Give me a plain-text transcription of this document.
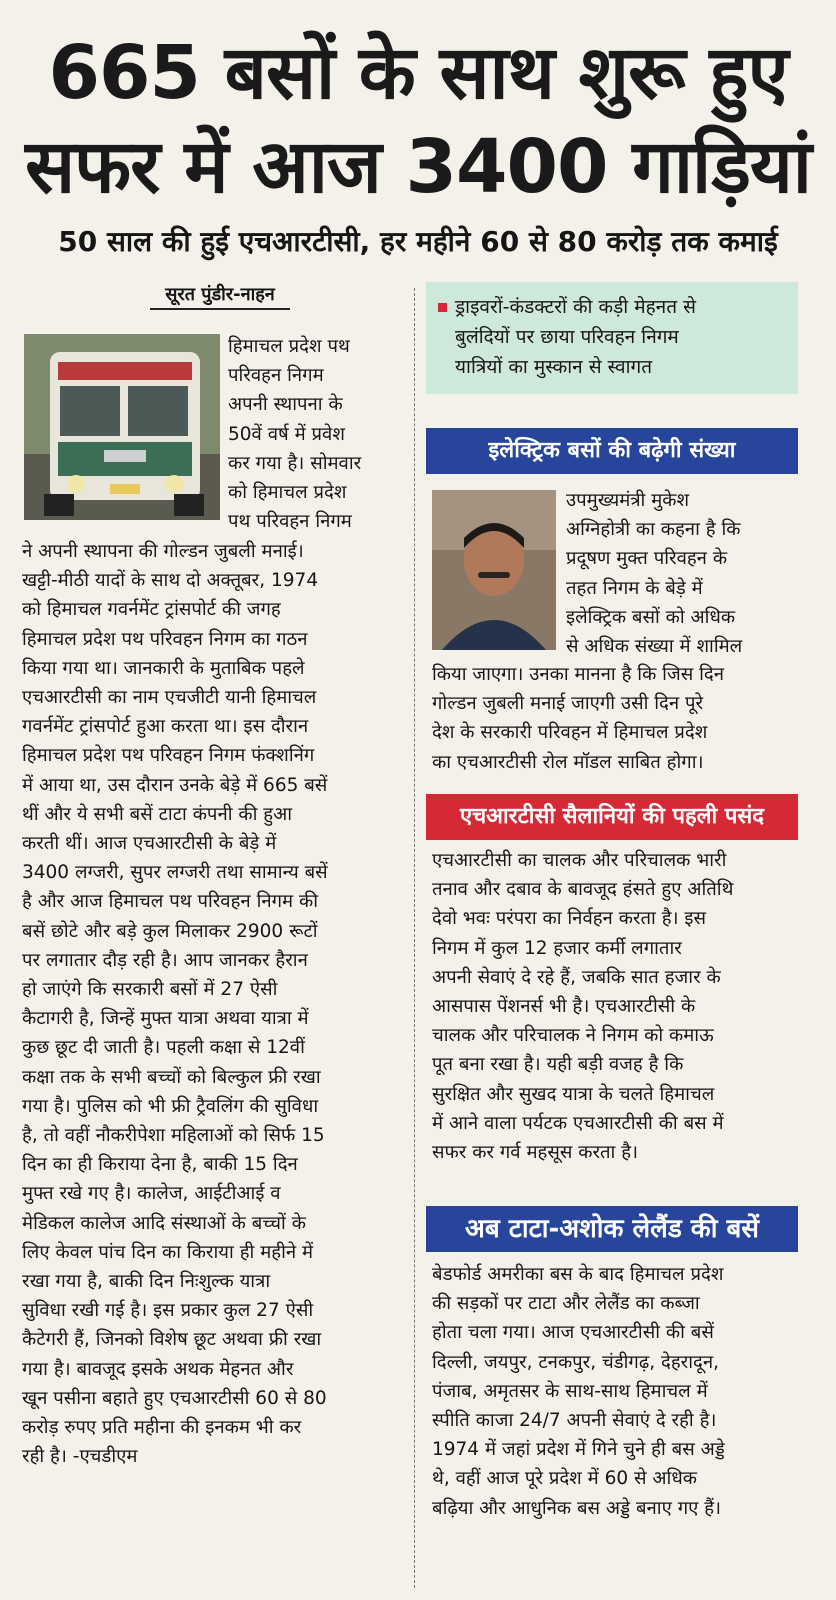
665 बसों के साथ शुरू हुए
सफर में आज 3400 गाड़ियां
50 साल की हुई एचआरटीसी, हर महीने 60 से 80 करोड़ तक कमाई
सूरत पुंडीर-नाहन

हिमाचल प्रदेश पथ

परिवहन निगम

अपनी स्थापना के

50वें वर्ष में प्रवेश

कर गया है। सोमवार

को हिमाचल प्रदेश

पथ परिवहन निगम

ने अपनी स्थापना की गोल्डन जुबली मनाई।

खट्टी-मीठी यादों के साथ दो अक्तूबर, 1974

को हिमाचल गवर्नमेंट ट्रांसपोर्ट की जगह

हिमाचल प्रदेश पथ परिवहन निगम का गठन

किया गया था। जानकारी के मुताबिक पहले

एचआरटीसी का नाम एचजीटी यानी हिमाचल

गवर्नमेंट ट्रांसपोर्ट हुआ करता था। इस दौरान

हिमाचल प्रदेश पथ परिवहन निगम फंक्शनिंग

में आया था, उस दौरान उनके बेड़े में 665 बसें

थीं और ये सभी बसें टाटा कंपनी की हुआ

करती थीं। आज एचआरटीसी के बेड़े में

3400 लग्जरी, सुपर लग्जरी तथा सामान्य बसें

है और आज हिमाचल पथ परिवहन निगम की

बसें छोटे और बड़े कुल मिलाकर 2900 रूटों

पर लगातार दौड़ रही है। आप जानकर हैरान

हो जाएंगे कि सरकारी बसों में 27 ऐसी

कैटागरी है, जिन्हें मुफ्त यात्रा अथवा यात्रा में

कुछ छूट दी जाती है। पहली कक्षा से 12वीं

कक्षा तक के सभी बच्चों को बिल्कुल फ्री रखा

गया है। पुलिस को भी फ्री ट्रैवलिंग की सुविधा

है, तो वहीं नौकरीपेशा महिलाओं को सिर्फ 15

दिन का ही किराया देना है, बाकी 15 दिन

मुफ्त रखे गए है। कालेज, आईटीआई व

मेडिकल कालेज आदि संस्थाओं के बच्चों के

लिए केवल पांच दिन का किराया ही महीने में

रखा गया है, बाकी दिन निःशुल्क यात्रा

सुविधा रखी गई है। इस प्रकार कुल 27 ऐसी

कैटेगरी हैं, जिनको विशेष छूट अथवा फ्री रखा

गया है। बावजूद इसके अथक मेहनत और

खून पसीना बहाते हुए एचआरटीसी 60 से 80

करोड़ रुपए प्रति महीना की इनकम भी कर

रही है। -एचडीएम

ड्राइवरों-कंडक्टरों की कड़ी मेहनत से
बुलंदियों पर छाया परिवहन निगम
यात्रियों का मुस्कान से स्वागत
इलेक्ट्रिक बसों की बढ़ेगी संख्या

उपमुख्यमंत्री मुकेश

अग्निहोत्री का कहना है कि

प्रदूषण मुक्त परिवहन के

तहत निगम के बेड़े में

इलेक्ट्रिक बसों को अधिक

से अधिक संख्या में शामिल

किया जाएगा। उनका मानना है कि जिस दिन

गोल्डन जुबली मनाई जाएगी उसी दिन पूरे

देश के सरकारी परिवहन में हिमाचल प्रदेश

का एचआरटीसी रोल मॉडल साबित होगा।

एचआरटीसी सैलानियों की पहली पसंद

एचआरटीसी का चालक और परिचालक भारी

तनाव और दबाव के बावजूद हंसते हुए अतिथि

देवो भवः परंपरा का निर्वहन करता है। इस

निगम में कुल 12 हजार कर्मी लगातार

अपनी सेवाएं दे रहे हैं, जबकि सात हजार के

आसपास पेंशनर्स भी है। एचआरटीसी के

चालक और परिचालक ने निगम को कमाऊ

पूत बना रखा है। यही बड़ी वजह है कि

सुरक्षित और सुखद यात्रा के चलते हिमाचल

में आने वाला पर्यटक एचआरटीसी की बस में

सफर कर गर्व महसूस करता है।

अब टाटा-अशोक लेलैंड की बसें

बेडफोर्ड अमरीका बस के बाद हिमाचल प्रदेश

की सड़कों पर टाटा और लेलैंड का कब्जा

होता चला गया। आज एचआरटीसी की बसें

दिल्ली, जयपुर, टनकपुर, चंडीगढ़, देहरादून,

पंजाब, अमृतसर के साथ-साथ हिमाचल में

स्पीति काजा 24/7 अपनी सेवाएं दे रही है।

1974 में जहां प्रदेश में गिने चुने ही बस अड्डे

थे, वहीं आज पूरे प्रदेश में 60 से अधिक

बढ़िया और आधुनिक बस अड्डे बनाए गए हैं।
